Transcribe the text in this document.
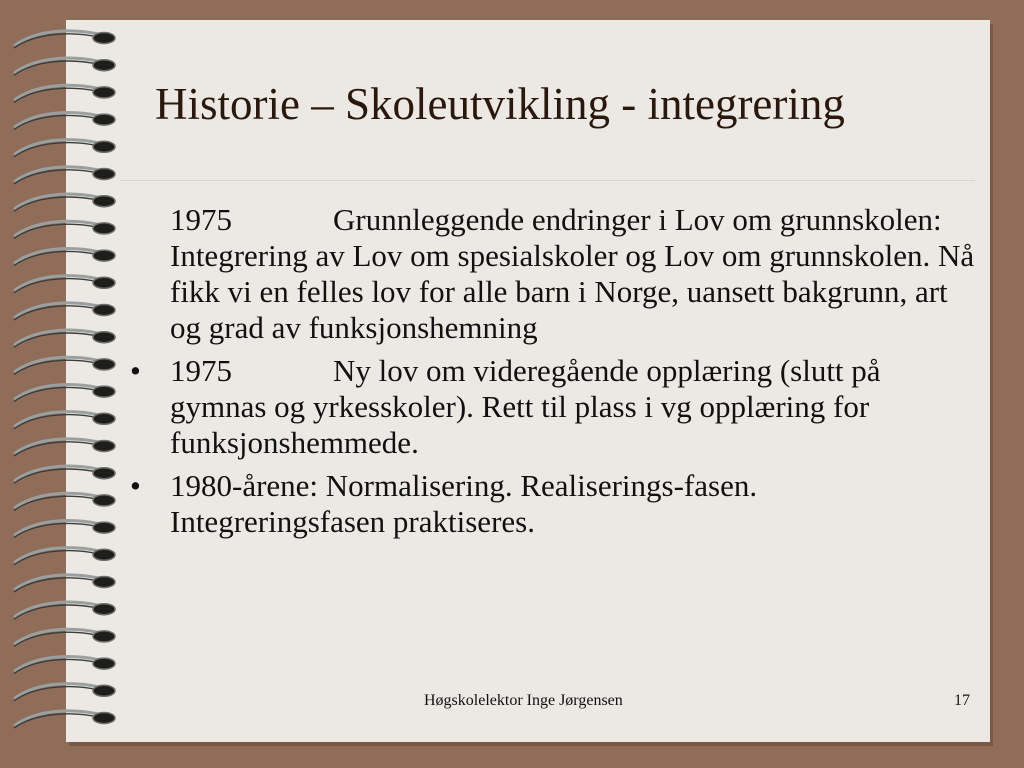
Historie – Skoleutvikling - integrering
1975	Grunnleggende endringer i Lov om grunnskolen: Integrering av Lov om spesialskoler og Lov om grunnskolen. Nå fikk vi en felles lov for alle barn i Norge, uansett bakgrunn, art og grad av funksjonshemning
• 1975	Ny lov om videregående opplæring (slutt på gymnas og yrkesskoler). Rett til plass i vg opplæring for funksjonshemmede.
• 1980-årene: Normalisering. Realiserings-fasen. Integreringsfasen praktiseres.
Høgskolelektor Inge Jørgensen	17
